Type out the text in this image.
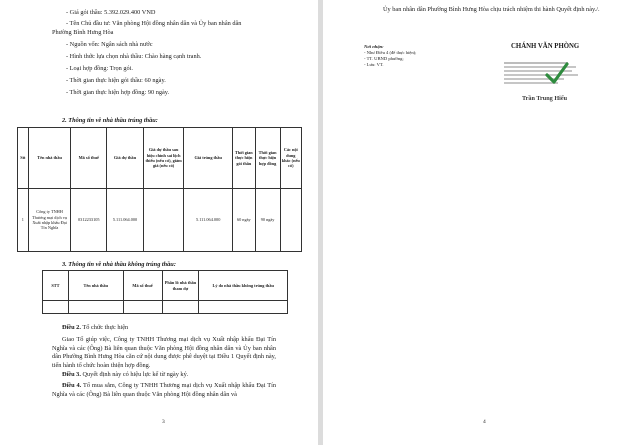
- Giá gói thầu: 5.392.029.400 VND
- Tên Chủ đầu tư: Văn phòng Hội đồng nhân dân và Ủy ban nhân dân
Phường Bình Hưng Hòa
- Nguồn vốn: Ngân sách nhà nước
- Hình thức lựa chọn nhà thầu: Chào hàng cạnh tranh.
- Loại hợp đồng: Trọn gói.
- Thời gian thực hiện gói thầu: 60 ngày.
- Thời gian thực hiện hợp đồng: 90 ngày.
2. Thông tin về nhà thầu trúng thầu:
Stt	Tên nhà thầu	Mã số thuế	Giá dự thầu	Giá dự thầu sau hiệu chỉnh sai lệch thiếu (nếu có), giảm giá (nếu có)	Giá trúng thầu	Thời gian thực hiện gói thầu	Thời gian thực hiện hợp đồng	Các nội dung khác (nếu có)
1	Công ty TNHH Thương mại dịch vụ Xuất nhập khẩu Đại Tín Nghĩa	0312233105	5.111.064.000		5.111.064.000	60 ngày	90 ngày	
3. Thông tin về nhà thầu không trúng thầu:
STT	Tên nhà thầu	Mã số thuế	Phần lô nhà thầu tham dự	Lý do nhà thầu không trúng thầu

Điều 2. Tổ chức thực hiện
Giao Tổ giúp việc, Công ty TNHH Thương mại dịch vụ Xuất nhập khẩu Đại Tín Nghĩa và các (Ông) Bà liên quan thuộc Văn phòng Hội đồng nhân dân và Ủy ban nhân dân Phường Bình Hưng Hòa căn cứ nội dung được phê duyệt tại Điều 1 Quyết định này, tiến hành tổ chức hoàn thiện hợp đồng.
Điều 3. Quyết định này có hiệu lực kể từ ngày ký.
Điều 4. Tổ mua sắm, Công ty TNHH Thương mại dịch vụ Xuất nhập khẩu Đại Tín Nghĩa và các (Ông) Bà liên quan thuộc Văn phòng Hội đồng nhân dân và
3
Ủy ban nhân dân Phường Bình Hưng Hòa chịu trách nhiệm thi hành Quyết định này./.
Nơi nhận:
- Như Điều 4 (để thực hiện);
- TT. UBND phường;
- Lưu: VT.
CHÁNH VĂN PHÒNG
Trần Trung Hiếu
4
